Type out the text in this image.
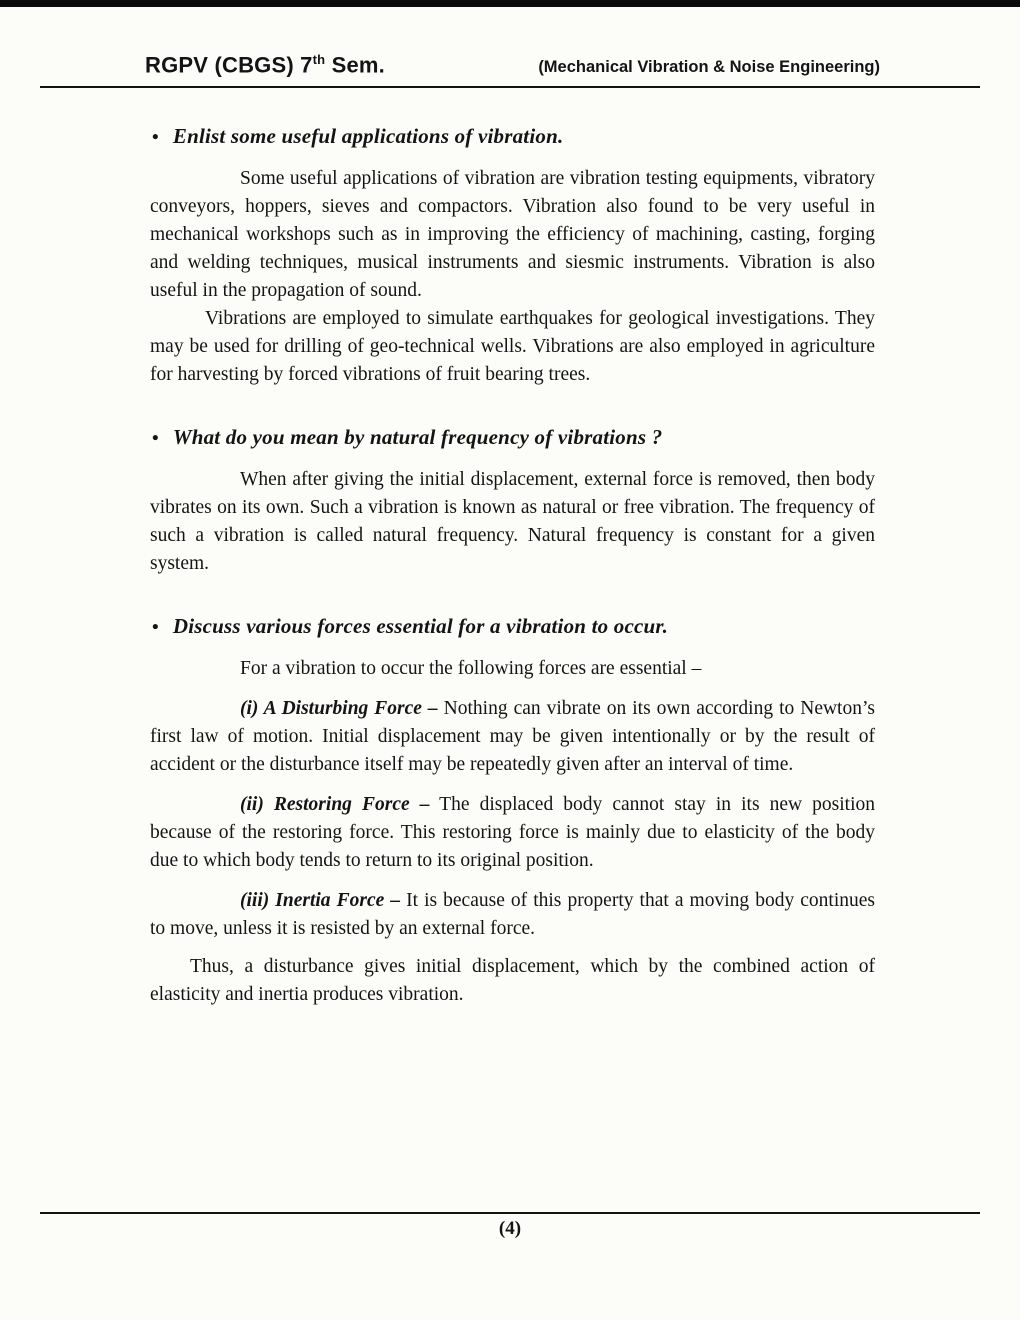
RGPV (CBGS) 7th Sem.	(Mechanical Vibration & Noise Engineering)
• Enlist some useful applications of vibration.

Some useful applications of vibration are vibration testing equipments, vibratory conveyors, hoppers, sieves and compactors. Vibration also found to be very useful in mechanical workshops such as in improving the efficiency of machining, casting, forging and welding techniques, musical instruments and siesmic instruments. Vibration is also useful in the propagation of sound.

Vibrations are employed to simulate earthquakes for geological investigations. They may be used for drilling of geo-technical wells. Vibrations are also employed in agriculture for harvesting by forced vibrations of fruit bearing trees.

• What do you mean by natural frequency of vibrations ?

When after giving the initial displacement, external force is removed, then body vibrates on its own. Such a vibration is known as natural or free vibration. The frequency of such a vibration is called natural frequency. Natural frequency is constant for a given system.

• Discuss various forces essential for a vibration to occur.

For a vibration to occur the following forces are essential –

(i) A Disturbing Force – Nothing can vibrate on its own according to Newton’s first law of motion. Initial displacement may be given intentionally or by the result of accident or the disturbance itself may be repeatedly given after an interval of time.

(ii) Restoring Force – The displaced body cannot stay in its new position because of the restoring force. This restoring force is mainly due to elasticity of the body due to which body tends to return to its original position.

(iii) Inertia Force – It is because of this property that a moving body continues to move, unless it is resisted by an external force.

Thus, a disturbance gives initial displacement, which by the combined action of elasticity and inertia produces vibration.

(4)
